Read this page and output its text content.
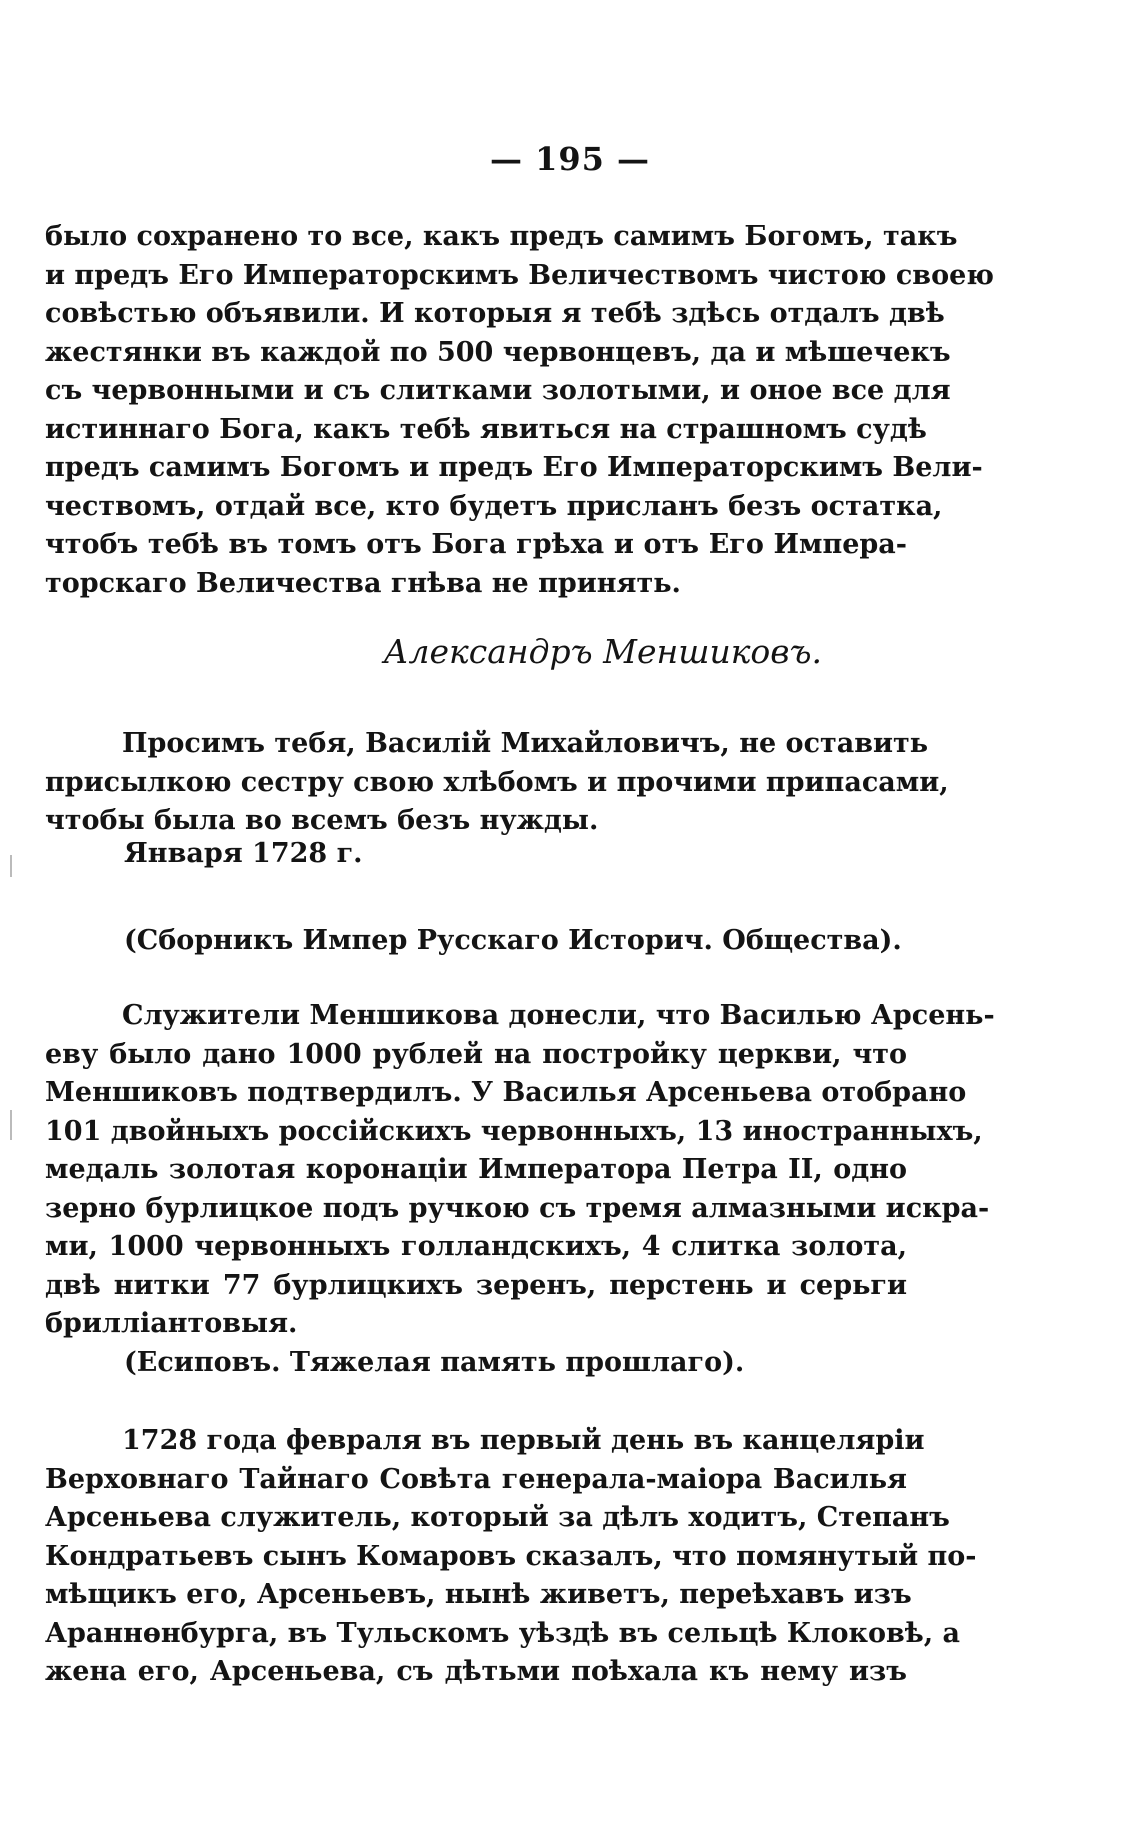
— 195 —
было сохранено то все, какъ предъ самимъ Богомъ, такъ
и предъ Его Императорскимъ Величествомъ чистою своею
совѣстью объявили. И которыя я тебѣ здѣсь отдалъ двѣ
жестянки въ каждой по 500 червонцевъ, да и мѣшечекъ
съ червонными и съ слитками золотыми, и оное все для
истиннаго Бога, какъ тебѣ явиться на страшномъ судѣ
предъ самимъ Богомъ и предъ Его Императорскимъ Вели-
чествомъ, отдай все, кто будетъ присланъ безъ остатка,
чтобъ тебѣ въ томъ отъ Бога грѣха и отъ Его Импера-
торскаго Величества гнѣва не принять.
Александръ Меншиковъ.
Просимъ тебя, Василій Михайловичъ, не оставить
присылкою сестру свою хлѣбомъ и прочими припасами,
чтобы была во всемъ безъ нужды.
Января 1728 г.
(Сборникъ Импер Русскаго Историч. Общества).
Служители Меншикова донесли, что Василью Арсень-
еву было дано 1000 рублей на постройку церкви, что
Меншиковъ подтвердилъ. У Василья Арсеньева отобрано
101 двойныхъ россійскихъ червонныхъ, 13 иностранныхъ,
медаль золотая коронаціи Императора Петра II, одно
зерно бурлицкое подъ ручкою съ тремя алмазными искра-
ми, 1000 червонныхъ голландскихъ, 4 слитка золота,
двѣ нитки 77 бурлицкихъ зеренъ, перстень и серьги
брилліантовыя.
(Есиповъ. Тяжелая память прошлаго).
1728 года февраля въ первый день въ канцеляріи
Верховнаго Тайнаго Совѣта генерала-маіора Василья
Арсеньева служитель, который за дѣлъ ходитъ, Степанъ
Кондратьевъ сынъ Комаровъ сказалъ, что помянутый по-
мѣщикъ его, Арсеньевъ, нынѣ живетъ, переѣхавъ изъ
Араннөнбурга, въ Тульскомъ уѣздѣ въ сельцѣ Клоковѣ, а
жена его, Арсеньева, съ дѣтьми поѣхала къ нему изъ
